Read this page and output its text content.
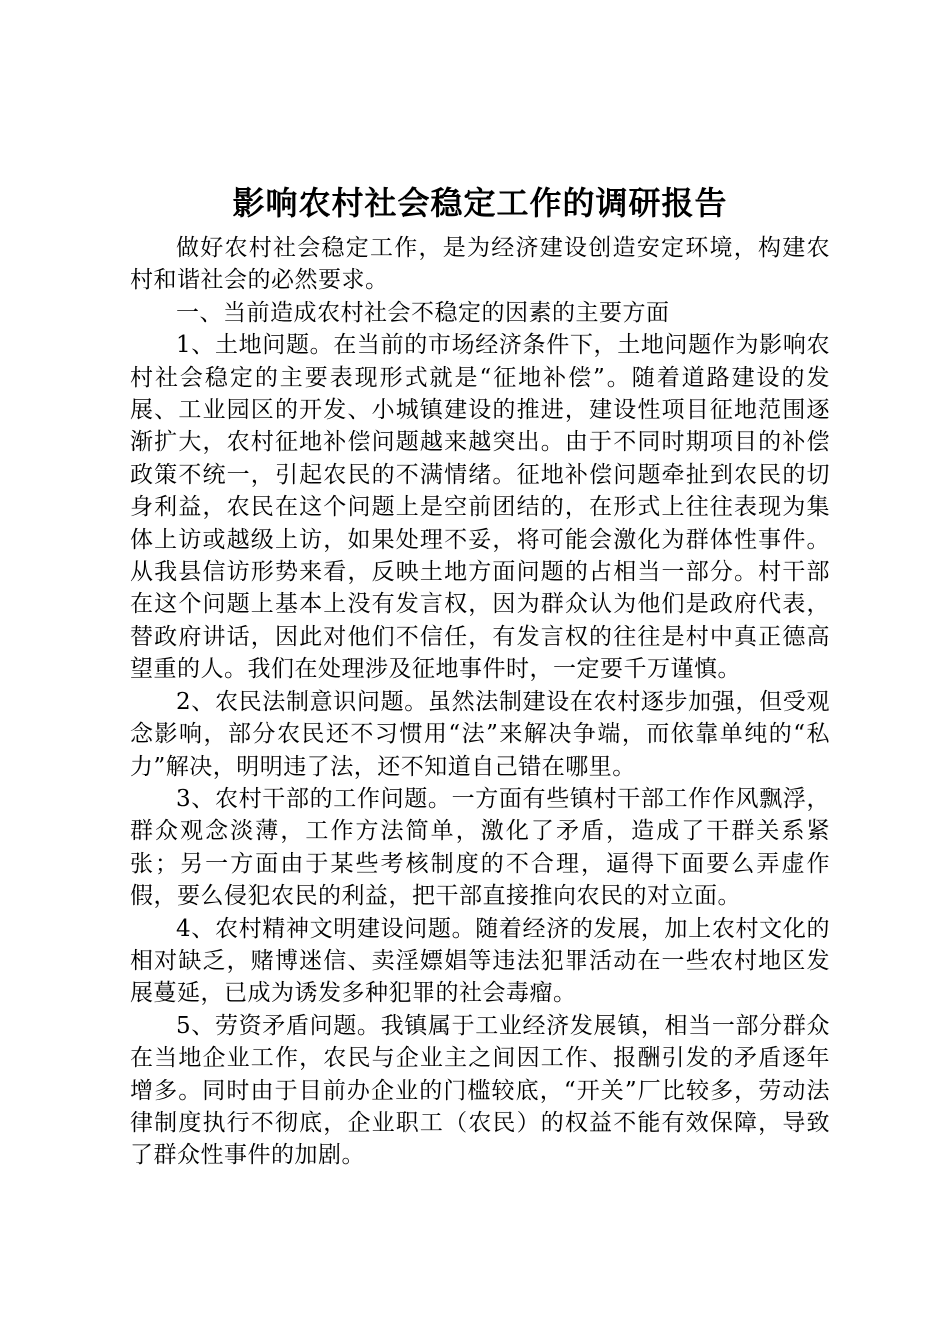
影响农村社会稳定工作的调研报告

做好农村社会稳定工作，是为经济建设创造安定环境，构建农村和谐社会的必然要求。

一、当前造成农村社会不稳定的因素的主要方面

1、土地问题。在当前的市场经济条件下，土地问题作为影响农村社会稳定的主要表现形式就是“征地补偿”。随着道路建设的发展、工业园区的开发、小城镇建设的推进，建设性项目征地范围逐渐扩大，农村征地补偿问题越来越突出。由于不同时期项目的补偿政策不统一，引起农民的不满情绪。征地补偿问题牵扯到农民的切身利益，农民在这个问题上是空前团结的，在形式上往往表现为集体上访或越级上访，如果处理不妥，将可能会激化为群体性事件。从我县信访形势来看，反映土地方面问题的占相当一部分。村干部在这个问题上基本上没有发言权，因为群众认为他们是政府代表，替政府讲话，因此对他们不信任，有发言权的往往是村中真正德高望重的人。我们在处理涉及征地事件时，一定要千万谨慎。

2、农民法制意识问题。虽然法制建设在农村逐步加强，但受观念影响，部分农民还不习惯用“法”来解决争端，而依靠单纯的“私力”解决，明明违了法，还不知道自己错在哪里。

3、农村干部的工作问题。一方面有些镇村干部工作作风飘浮，群众观念淡薄，工作方法简单，激化了矛盾，造成了干群关系紧张；另一方面由于某些考核制度的不合理，逼得下面要么弄虚作假，要么侵犯农民的利益，把干部直接推向农民的对立面。

4、农村精神文明建设问题。随着经济的发展，加上农村文化的相对缺乏，赌博迷信、卖淫嫖娼等违法犯罪活动在一些农村地区发展蔓延，已成为诱发多种犯罪的社会毒瘤。

5、劳资矛盾问题。我镇属于工业经济发展镇，相当一部分群众在当地企业工作，农民与企业主之间因工作、报酬引发的矛盾逐年增多。同时由于目前办企业的门槛较底，“开关”厂比较多，劳动法律制度执行不彻底，企业职工（农民）的权益不能有效保障，导致了群众性事件的加剧。
